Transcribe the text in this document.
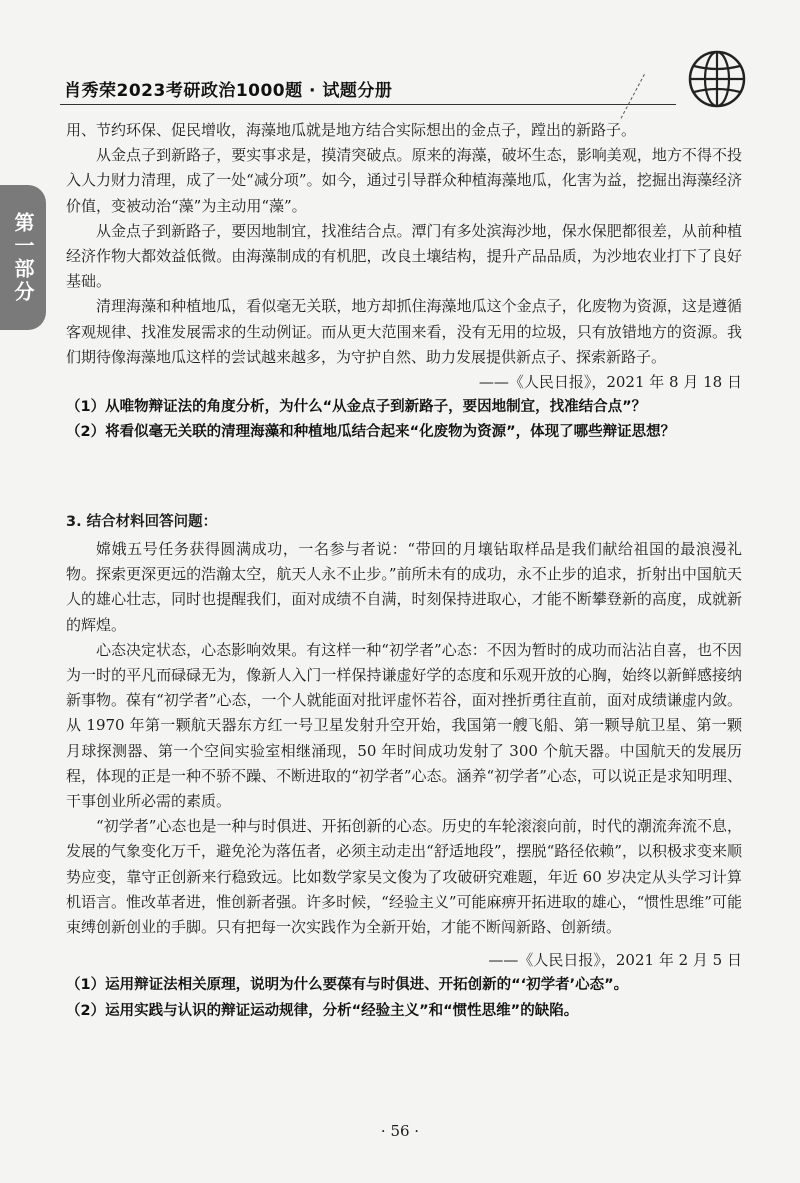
肖秀荣2023考研政治1000题 · 试题分册
第一部分

用、节约环保、促民增收，海藻地瓜就是地方结合实际想出的金点子，蹚出的新路子。

从金点子到新路子，要实事求是，摸清突破点。原来的海藻，破坏生态，影响美观，地方不得不投入人力财力清理，成了一处“减分项”。如今，通过引导群众种植海藻地瓜，化害为益，挖掘出海藻经济价值，变被动治“藻”为主动用“藻”。

从金点子到新路子，要因地制宜，找准结合点。潭门有多处滨海沙地，保水保肥都很差，从前种植经济作物大都效益低微。由海藻制成的有机肥，改良土壤结构，提升产品品质，为沙地农业打下了良好基础。

清理海藻和种植地瓜，看似毫无关联，地方却抓住海藻地瓜这个金点子，化废物为资源，这是遵循客观规律、找准发展需求的生动例证。而从更大范围来看，没有无用的垃圾，只有放错地方的资源。我们期待像海藻地瓜这样的尝试越来越多，为守护自然、助力发展提供新点子、探索新路子。

——《人民日报》，2021 年 8 月 18 日

（1）从唯物辩证法的角度分析，为什么“从金点子到新路子，要因地制宜，找准结合点”？

（2）将看似毫无关联的清理海藻和种植地瓜结合起来“化废物为资源”，体现了哪些辩证思想？

3. 结合材料回答问题：

嫦娥五号任务获得圆满成功，一名参与者说：“带回的月壤钻取样品是我们献给祖国的最浪漫礼物。探索更深更远的浩瀚太空，航天人永不止步。”前所未有的成功，永不止步的追求，折射出中国航天人的雄心壮志，同时也提醒我们，面对成绩不自满，时刻保持进取心，才能不断攀登新的高度，成就新的辉煌。

心态决定状态，心态影响效果。有这样一种“初学者”心态：不因为暂时的成功而沾沾自喜，也不因为一时的平凡而碌碌无为，像新人入门一样保持谦虚好学的态度和乐观开放的心胸，始终以新鲜感接纳新事物。葆有“初学者”心态，一个人就能面对批评虚怀若谷，面对挫折勇往直前，面对成绩谦虚内敛。从 1970 年第一颗航天器东方红一号卫星发射升空开始，我国第一艘飞船、第一颗导航卫星、第一颗月球探测器、第一个空间实验室相继涌现，50 年时间成功发射了 300 个航天器。中国航天的发展历程，体现的正是一种不骄不躁、不断进取的“初学者”心态。涵养“初学者”心态，可以说正是求知明理、干事创业所必需的素质。

“初学者”心态也是一种与时俱进、开拓创新的心态。历史的车轮滚滚向前，时代的潮流奔流不息，发展的气象变化万千，避免沦为落伍者，必须主动走出“舒适地段”，摆脱“路径依赖”，以积极求变来顺势应变，靠守正创新来行稳致远。比如数学家吴文俊为了攻破研究难题，年近 60 岁决定从头学习计算机语言。惟改革者进，惟创新者强。许多时候，“经验主义”可能麻痹开拓进取的雄心，“惯性思维”可能束缚创新创业的手脚。只有把每一次实践作为全新开始，才能不断闯新路、创新绩。

——《人民日报》，2021 年 2 月 5 日

（1）运用辩证法相关原理，说明为什么要葆有与时俱进、开拓创新的“‘初学者’心态”。

（2）运用实践与认识的辩证运动规律，分析“经验主义”和“惯性思维”的缺陷。

· 56 ·
